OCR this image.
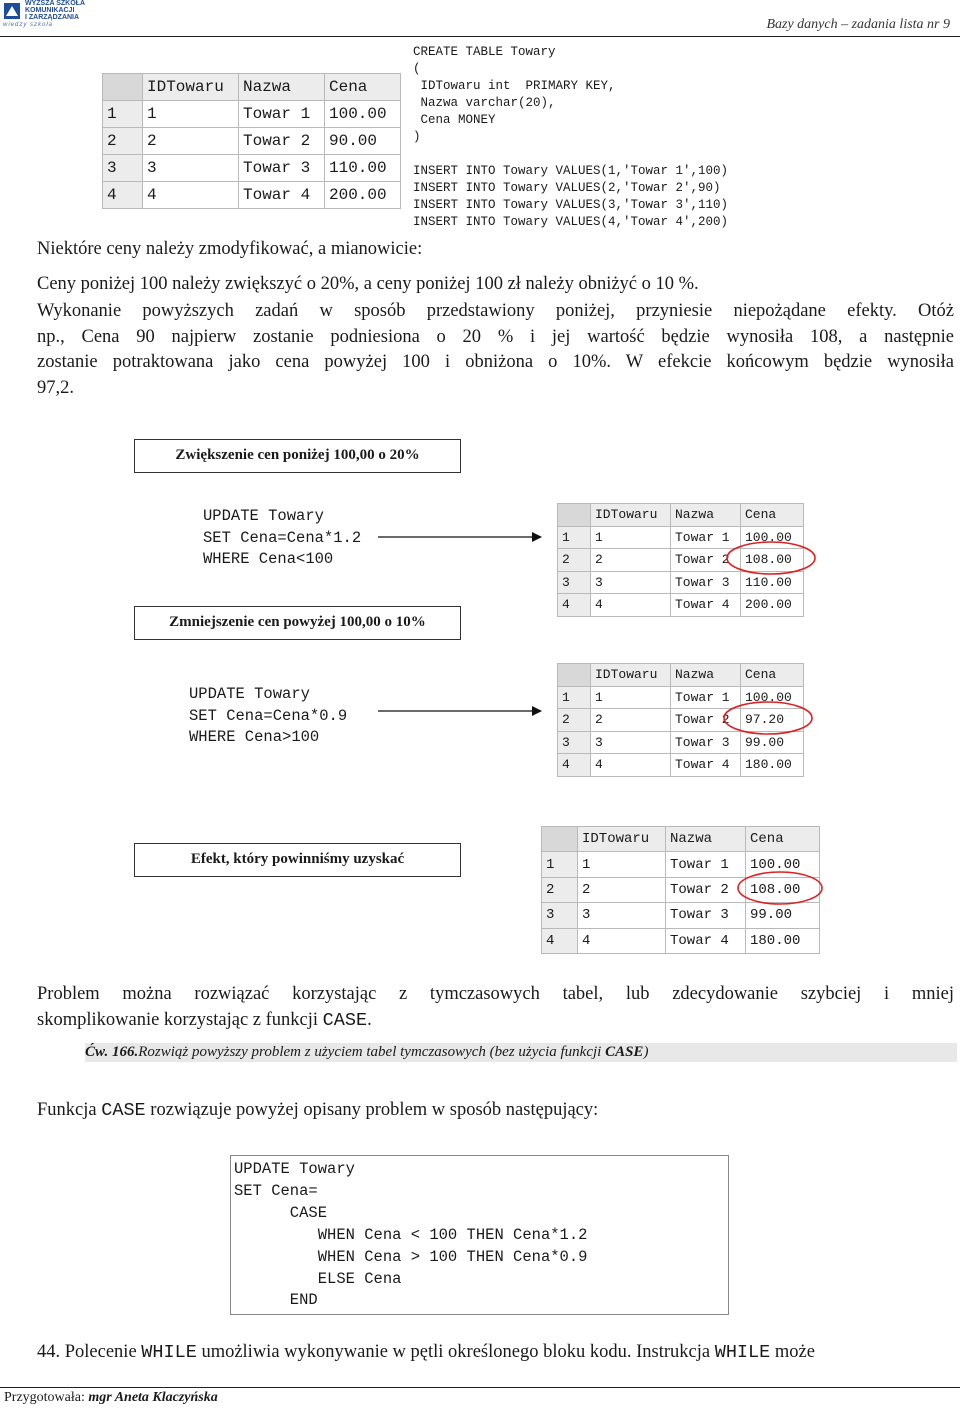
WYŻSZA SZKOŁA
KOMUNIKACJI
I ZARZĄDZANIA
wiedzy szkoła	Bazy danych – zadania lista nr 9
	IDTowaru	Nazwa	Cena
1	1	Towar 1	100.00
2	2	Towar 2	90.00
3	3	Towar 3	110.00
4	4	Towar 4	200.00
CREATE TABLE Towary
(
IDTowaru int  PRIMARY KEY,
Nazwa varchar(20),
Cena MONEY
)

INSERT INTO Towary VALUES(1,'Towar 1',100)
INSERT INTO Towary VALUES(2,'Towar 2',90)
INSERT INTO Towary VALUES(3,'Towar 3',110)
INSERT INTO Towary VALUES(4,'Towar 4',200)
Niektóre ceny należy zmodyfikować, a mianowicie:
Ceny poniżej 100 należy zwiększyć o 20%, a ceny poniżej 100 zł należy obniżyć o 10 %.
Wykonanie powyższych zadań w sposób przedstawiony poniżej, przyniesie niepożądane efekty. Otóż
np., Cena 90 najpierw zostanie podniesiona o 20 % i jej wartość będzie wynosiła 108, a następnie
zostanie potraktowana jako cena powyżej 100 i obniżona o 10%. W efekcie końcowym będzie wynosiła
97,2.
Zwiększenie cen poniżej 100,00 o 20%
Zmniejszenie cen powyżej 100,00 o 10%
Efekt, który powinniśmy uzyskać
UPDATE Towary
SET Cena=Cena*1.2
WHERE Cena<100
UPDATE Towary
SET Cena=Cena*0.9
WHERE Cena>100
	IDTowaru	Nazwa	Cena
1	1	Towar 1	100.00
2	2	Towar 2	108.00
3	3	Towar 3	110.00
4	4	Towar 4	200.00
	IDTowaru	Nazwa	Cena
1	1	Towar 1	100.00
2	2	Towar 2	97.20
3	3	Towar 3	99.00
4	4	Towar 4	180.00
	IDTowaru	Nazwa	Cena
1	1	Towar 1	100.00
2	2	Towar 2	108.00
3	3	Towar 3	99.00
4	4	Towar 4	180.00
Problem można rozwiązać korzystając z tymczasowych tabel, lub zdecydowanie szybciej i mniej
skomplikowanie korzystając z funkcji CASE.
Ćw. 166.Rozwiąż powyższy problem z użyciem tabel tymczasowych (bez użycia funkcji CASE)
Funkcja CASE rozwiązuje powyżej opisany problem w sposób następujący:
UPDATE Towary
SET Cena=
CASE
WHEN Cena < 100 THEN Cena*1.2
WHEN Cena > 100 THEN Cena*0.9
ELSE Cena
END
44. Polecenie WHILE umożliwia wykonywanie w pętli określonego bloku kodu. Instrukcja WHILE może
Przygotowała: mgr Aneta Klaczyńska
